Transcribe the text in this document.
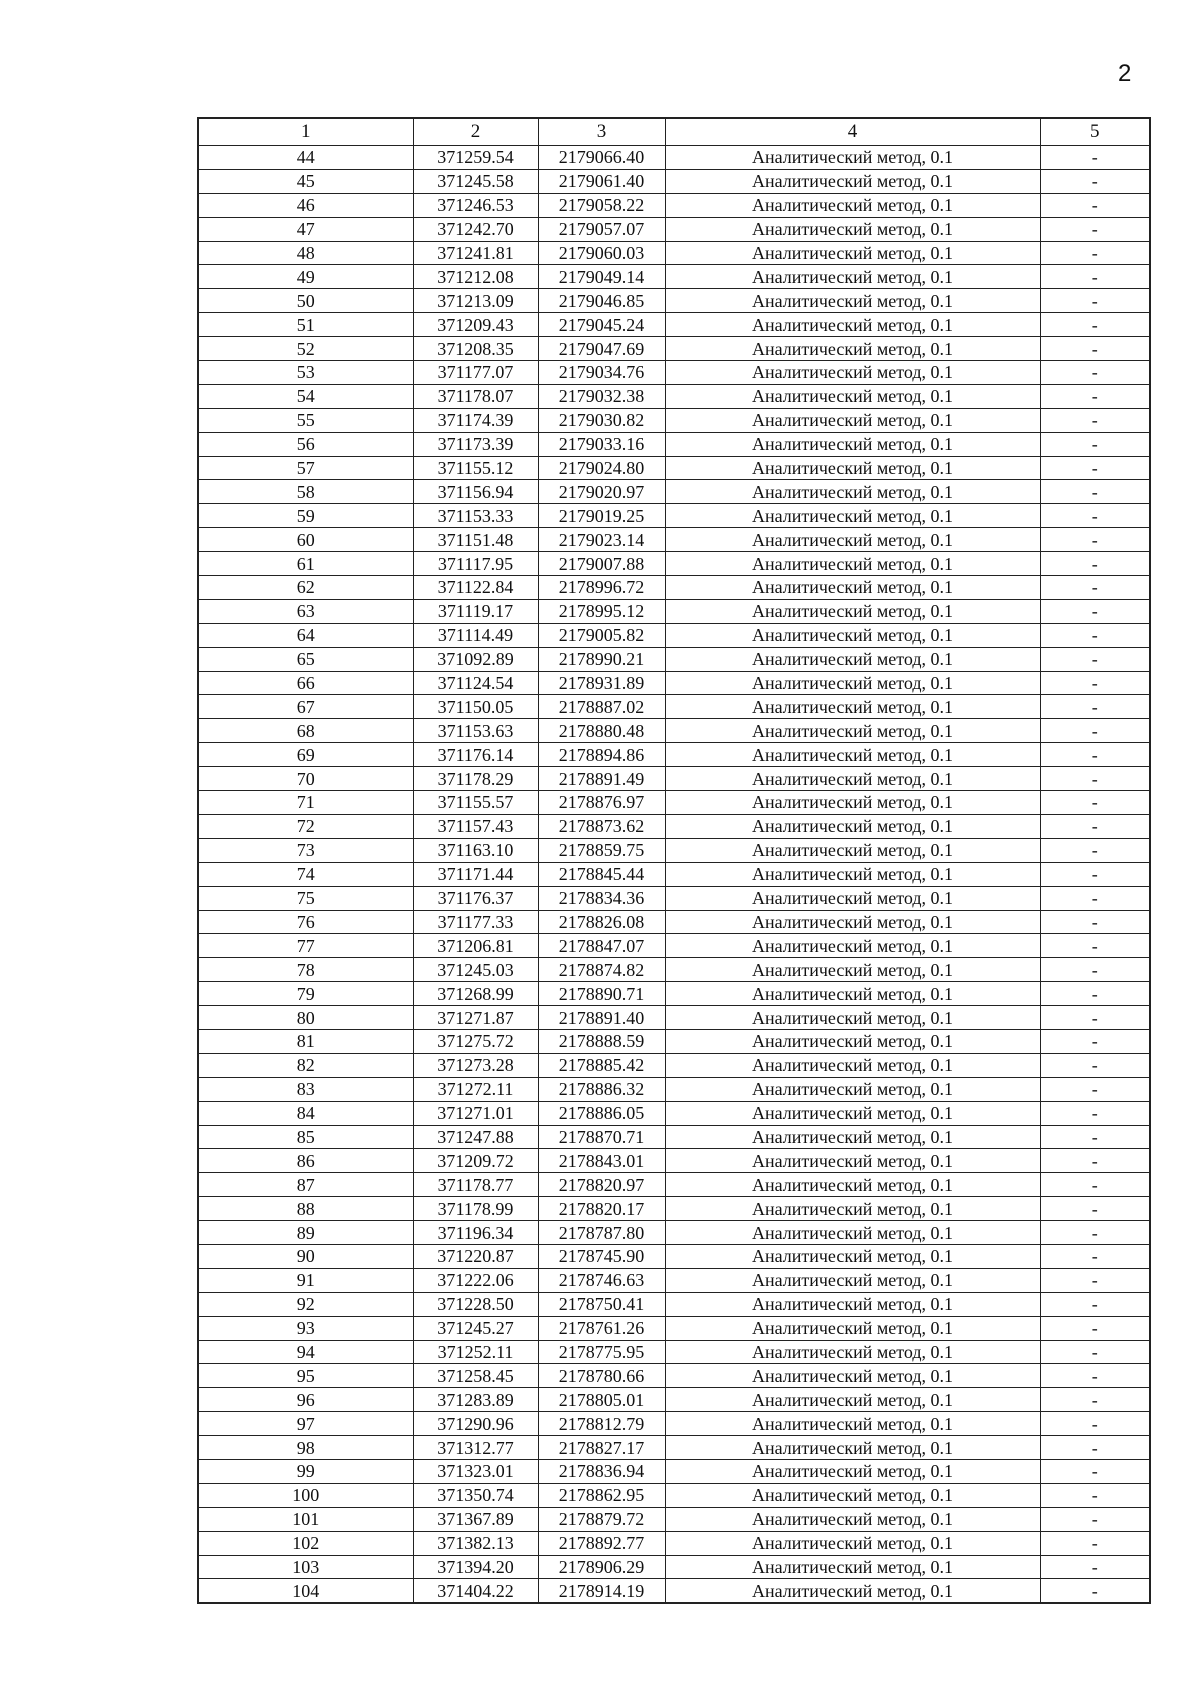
2
1	2	3	4	5
44	371259.54	2179066.40	Аналитический метод, 0.1	-
45	371245.58	2179061.40	Аналитический метод, 0.1	-
46	371246.53	2179058.22	Аналитический метод, 0.1	-
47	371242.70	2179057.07	Аналитический метод, 0.1	-
48	371241.81	2179060.03	Аналитический метод, 0.1	-
49	371212.08	2179049.14	Аналитический метод, 0.1	-
50	371213.09	2179046.85	Аналитический метод, 0.1	-
51	371209.43	2179045.24	Аналитический метод, 0.1	-
52	371208.35	2179047.69	Аналитический метод, 0.1	-
53	371177.07	2179034.76	Аналитический метод, 0.1	-
54	371178.07	2179032.38	Аналитический метод, 0.1	-
55	371174.39	2179030.82	Аналитический метод, 0.1	-
56	371173.39	2179033.16	Аналитический метод, 0.1	-
57	371155.12	2179024.80	Аналитический метод, 0.1	-
58	371156.94	2179020.97	Аналитический метод, 0.1	-
59	371153.33	2179019.25	Аналитический метод, 0.1	-
60	371151.48	2179023.14	Аналитический метод, 0.1	-
61	371117.95	2179007.88	Аналитический метод, 0.1	-
62	371122.84	2178996.72	Аналитический метод, 0.1	-
63	371119.17	2178995.12	Аналитический метод, 0.1	-
64	371114.49	2179005.82	Аналитический метод, 0.1	-
65	371092.89	2178990.21	Аналитический метод, 0.1	-
66	371124.54	2178931.89	Аналитический метод, 0.1	-
67	371150.05	2178887.02	Аналитический метод, 0.1	-
68	371153.63	2178880.48	Аналитический метод, 0.1	-
69	371176.14	2178894.86	Аналитический метод, 0.1	-
70	371178.29	2178891.49	Аналитический метод, 0.1	-
71	371155.57	2178876.97	Аналитический метод, 0.1	-
72	371157.43	2178873.62	Аналитический метод, 0.1	-
73	371163.10	2178859.75	Аналитический метод, 0.1	-
74	371171.44	2178845.44	Аналитический метод, 0.1	-
75	371176.37	2178834.36	Аналитический метод, 0.1	-
76	371177.33	2178826.08	Аналитический метод, 0.1	-
77	371206.81	2178847.07	Аналитический метод, 0.1	-
78	371245.03	2178874.82	Аналитический метод, 0.1	-
79	371268.99	2178890.71	Аналитический метод, 0.1	-
80	371271.87	2178891.40	Аналитический метод, 0.1	-
81	371275.72	2178888.59	Аналитический метод, 0.1	-
82	371273.28	2178885.42	Аналитический метод, 0.1	-
83	371272.11	2178886.32	Аналитический метод, 0.1	-
84	371271.01	2178886.05	Аналитический метод, 0.1	-
85	371247.88	2178870.71	Аналитический метод, 0.1	-
86	371209.72	2178843.01	Аналитический метод, 0.1	-
87	371178.77	2178820.97	Аналитический метод, 0.1	-
88	371178.99	2178820.17	Аналитический метод, 0.1	-
89	371196.34	2178787.80	Аналитический метод, 0.1	-
90	371220.87	2178745.90	Аналитический метод, 0.1	-
91	371222.06	2178746.63	Аналитический метод, 0.1	-
92	371228.50	2178750.41	Аналитический метод, 0.1	-
93	371245.27	2178761.26	Аналитический метод, 0.1	-
94	371252.11	2178775.95	Аналитический метод, 0.1	-
95	371258.45	2178780.66	Аналитический метод, 0.1	-
96	371283.89	2178805.01	Аналитический метод, 0.1	-
97	371290.96	2178812.79	Аналитический метод, 0.1	-
98	371312.77	2178827.17	Аналитический метод, 0.1	-
99	371323.01	2178836.94	Аналитический метод, 0.1	-
100	371350.74	2178862.95	Аналитический метод, 0.1	-
101	371367.89	2178879.72	Аналитический метод, 0.1	-
102	371382.13	2178892.77	Аналитический метод, 0.1	-
103	371394.20	2178906.29	Аналитический метод, 0.1	-
104	371404.22	2178914.19	Аналитический метод, 0.1	-
